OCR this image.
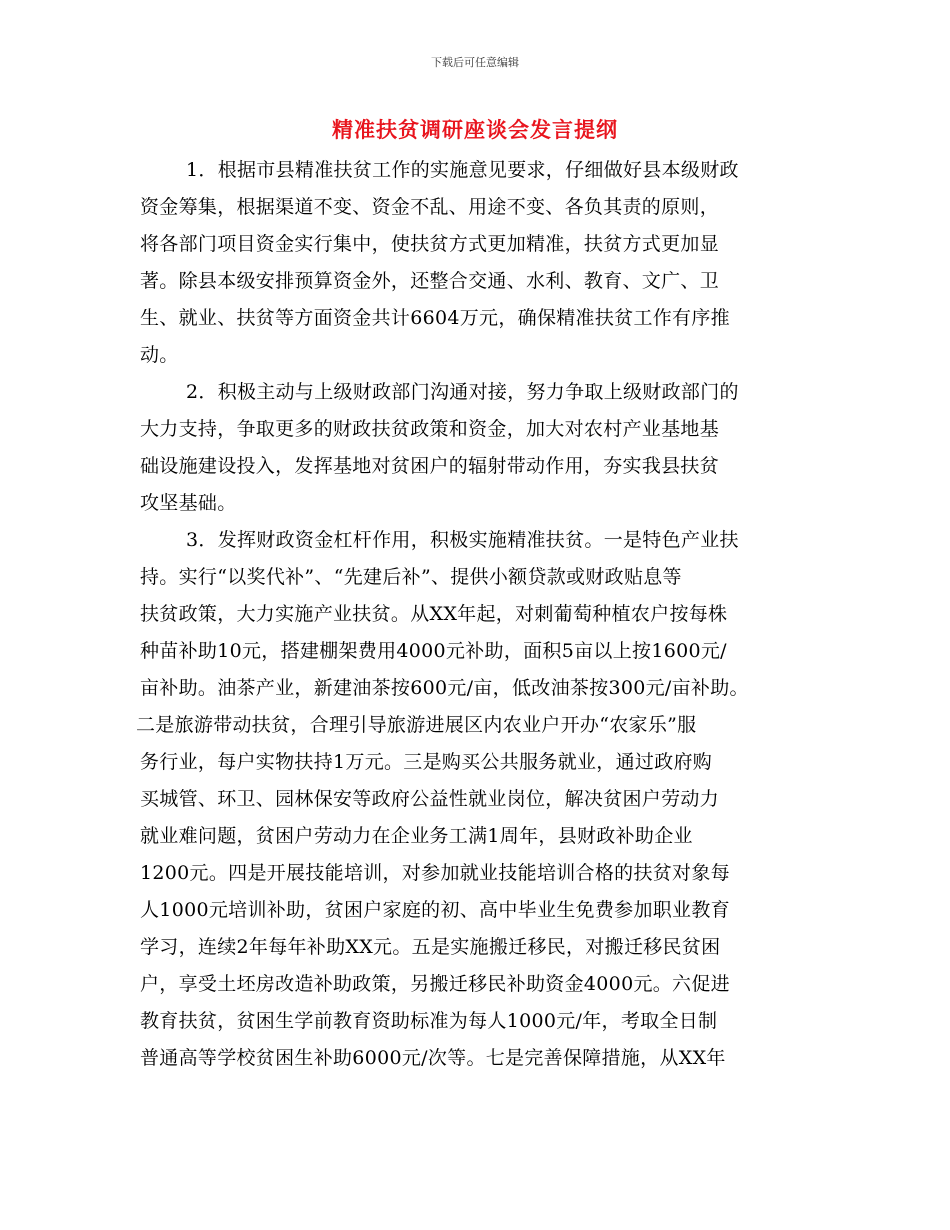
下载后可任意编辑
精准扶贫调研座谈会发言提纲
1．根据市县精准扶贫工作的实施意见要求，仔细做好县本级财政
资金筹集，根据渠道不变、资金不乱、用途不变、各负其责的原则，
将各部门项目资金实行集中，使扶贫方式更加精准，扶贫方式更加显
著。除县本级安排预算资金外，还整合交通、水利、教育、文广、卫
生、就业、扶贫等方面资金共计6604万元，确保精准扶贫工作有序推
动。
2．积极主动与上级财政部门沟通对接，努力争取上级财政部门的
大力支持，争取更多的财政扶贫政策和资金，加大对农村产业基地基
础设施建设投入，发挥基地对贫困户的辐射带动作用，夯实我县扶贫
攻坚基础。
3．发挥财政资金杠杆作用，积极实施精准扶贫。一是特色产业扶
持。实行“以奖代补”、“先建后补”、提供小额贷款或财政贴息等
扶贫政策，大力实施产业扶贫。从XX年起，对刺葡萄种植农户按每株
种苗补助10元，搭建棚架费用4000元补助，面积5亩以上按1600元/
亩补助。油茶产业，新建油茶按600元/亩，低改油茶按300元/亩补助。
二是旅游带动扶贫，合理引导旅游进展区内农业户开办“农家乐”服
务行业，每户实物扶持1万元。三是购买公共服务就业，通过政府购
买城管、环卫、园林保安等政府公益性就业岗位，解决贫困户劳动力
就业难问题，贫困户劳动力在企业务工满1周年，县财政补助企业
1200元。四是开展技能培训，对参加就业技能培训合格的扶贫对象每
人1000元培训补助，贫困户家庭的初、高中毕业生免费参加职业教育
学习，连续2年每年补助XX元。五是实施搬迁移民，对搬迁移民贫困
户，享受土坯房改造补助政策，另搬迁移民补助资金4000元。六促进
教育扶贫，贫困生学前教育资助标准为每人1000元/年，考取全日制
普通高等学校贫困生补助6000元/次等。七是完善保障措施，从XX年
